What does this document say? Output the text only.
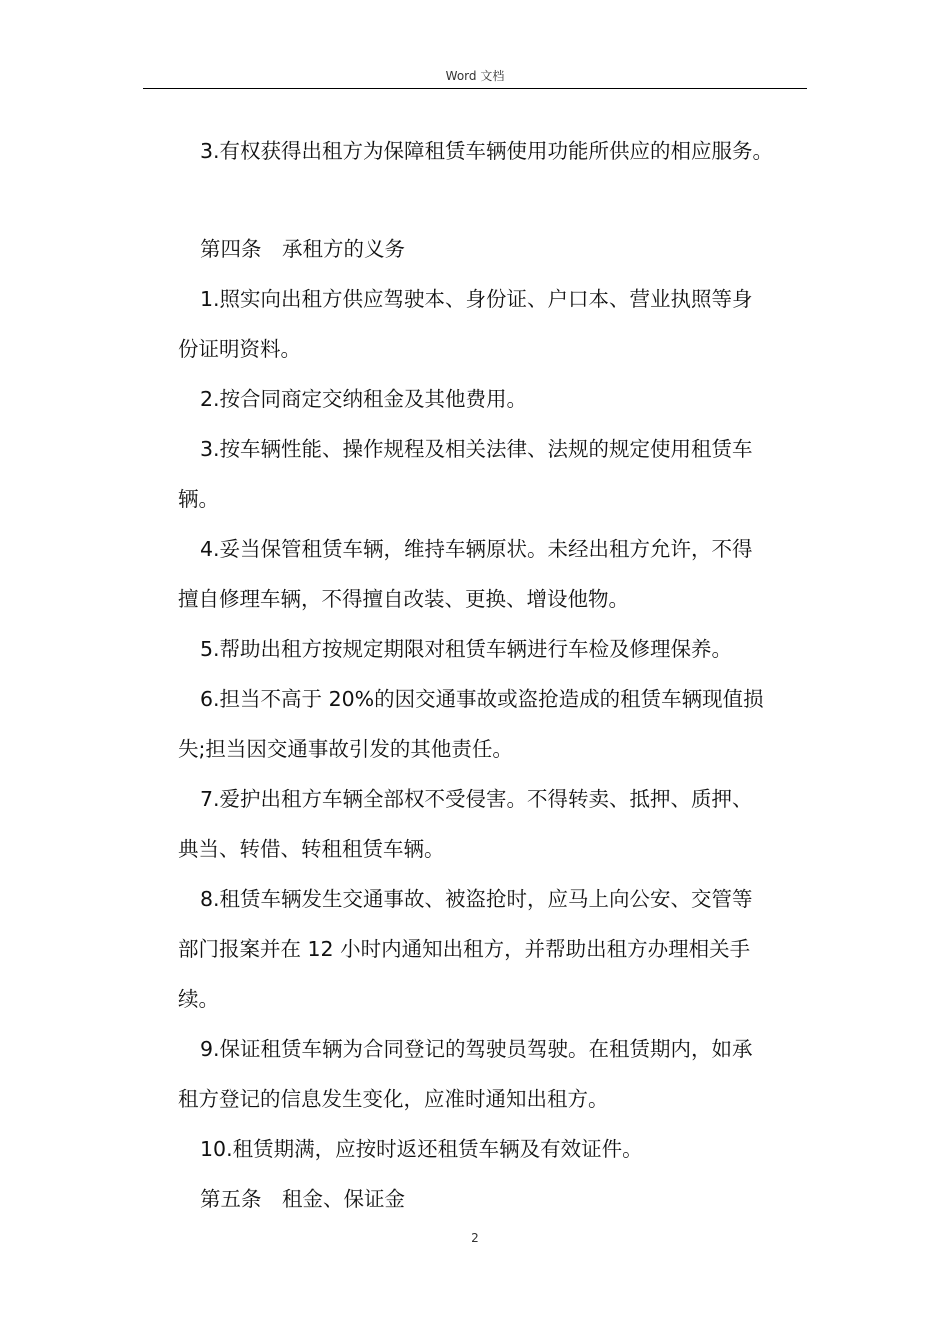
Word 文档
3.有权获得出租方为保障租赁车辆使用功能所供应的相应服务。
第四条　承租方的义务
1.照实向出租方供应驾驶本、身份证、户口本、营业执照等身
份证明资料。
2.按合同商定交纳租金及其他费用。
3.按车辆性能、操作规程及相关法律、法规的规定使用租赁车
辆。
4.妥当保管租赁车辆，维持车辆原状。未经出租方允许，不得
擅自修理车辆，不得擅自改装、更换、增设他物。
5.帮助出租方按规定期限对租赁车辆进行车检及修理保养。
6.担当不高于 20%的因交通事故或盗抢造成的租赁车辆现值损
失;担当因交通事故引发的其他责任。
7.爱护出租方车辆全部权不受侵害。不得转卖、抵押、质押、
典当、转借、转租租赁车辆。
8.租赁车辆发生交通事故、被盗抢时，应马上向公安、交管等
部门报案并在 12 小时内通知出租方，并帮助出租方办理相关手
续。
9.保证租赁车辆为合同登记的驾驶员驾驶。在租赁期内，如承
租方登记的信息发生变化，应准时通知出租方。
10.租赁期满，应按时返还租赁车辆及有效证件。
第五条　租金、保证金
2
